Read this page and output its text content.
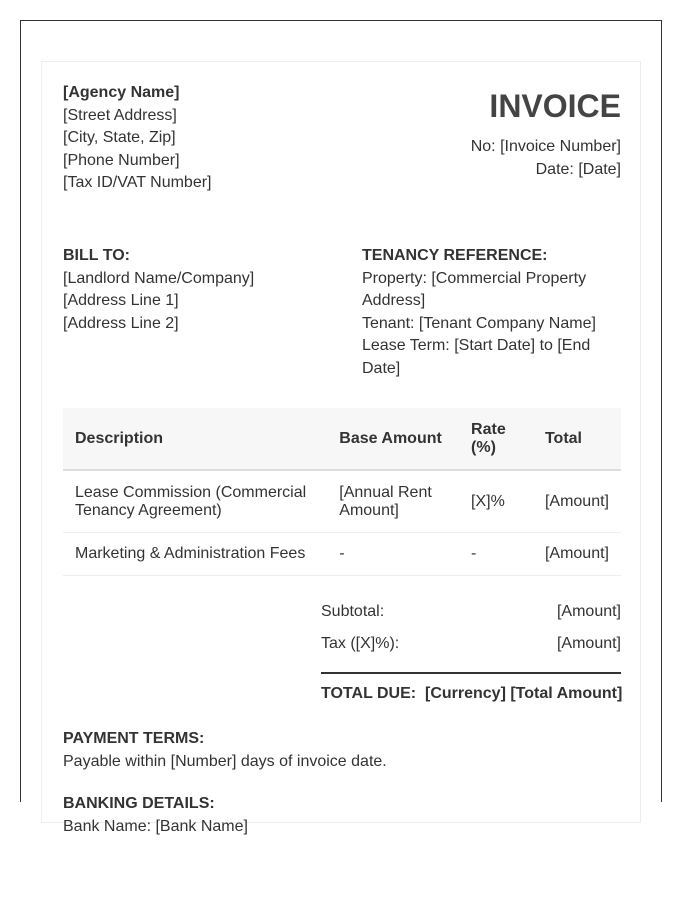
[Agency Name]
[Street Address]
[City, State, Zip]
[Phone Number]
[Tax ID/VAT Number]
INVOICE
No: [Invoice Number]
Date: [Date]
BILL TO:
[Landlord Name/Company]
[Address Line 1]
[Address Line 2]
TENANCY REFERENCE:
Property: [Commercial Property Address]
Tenant: [Tenant Company Name]
Lease Term: [Start Date] to [End Date]
Description	Base Amount	Rate (%)	Total
Lease Commission (Commercial Tenancy Agreement)	[Annual Rent Amount]	[X]%	[Amount]
Marketing & Administration Fees	-	-	[Amount]
Subtotal:	[Amount]
Tax ([X]%):	[Amount]
TOTAL DUE:  [Currency] [Total Amount]
PAYMENT TERMS:
Payable within [Number] days of invoice date.
BANKING DETAILS:
Bank Name: [Bank Name]
